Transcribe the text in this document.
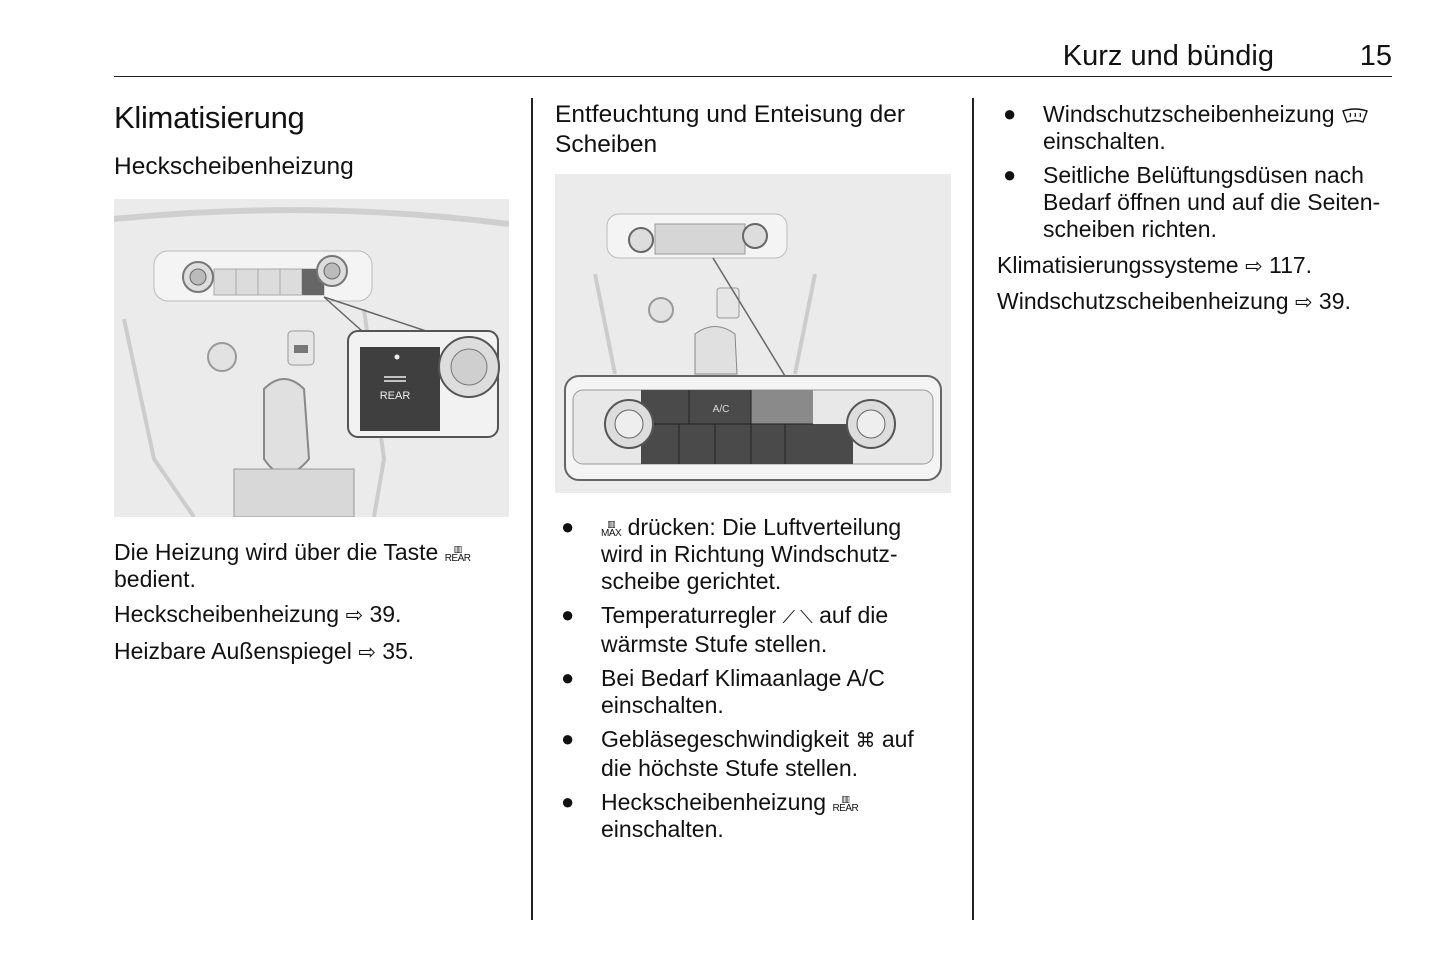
Kurz und bündig	15
Klimatisierung
Heckscheibenheizung
REAR

Die Heizung wird über die Taste	▥
REAR
bedient.

Heckscheibenheizung ⇨ 39.

Heizbare Außenspiegel ⇨ 35.

Entfeuchtung und Enteisung der
Scheiben
A/C
●	▥
MAX drücken: Die Luftverteilung
wird in Richtung Windschutz-
scheibe gerichtet.
● Temperaturregler ⟋ ⟍ auf die
wärmste Stufe stellen.
● Bei Bedarf Klimaanlage A/C
einschalten.
● Gebläsegeschwindigkeit ⌘ auf
die höchste Stufe stellen.
● Heckscheibenheizung	▥
REAR
einschalten.
● Windschutzscheibenheizung
einschalten.
● Seitliche Belüftungsdüsen nach
Bedarf öffnen und auf die Seiten-
scheiben richten.

Klimatisierungssysteme ⇨ 117.

Windschutzscheibenheizung ⇨ 39.
